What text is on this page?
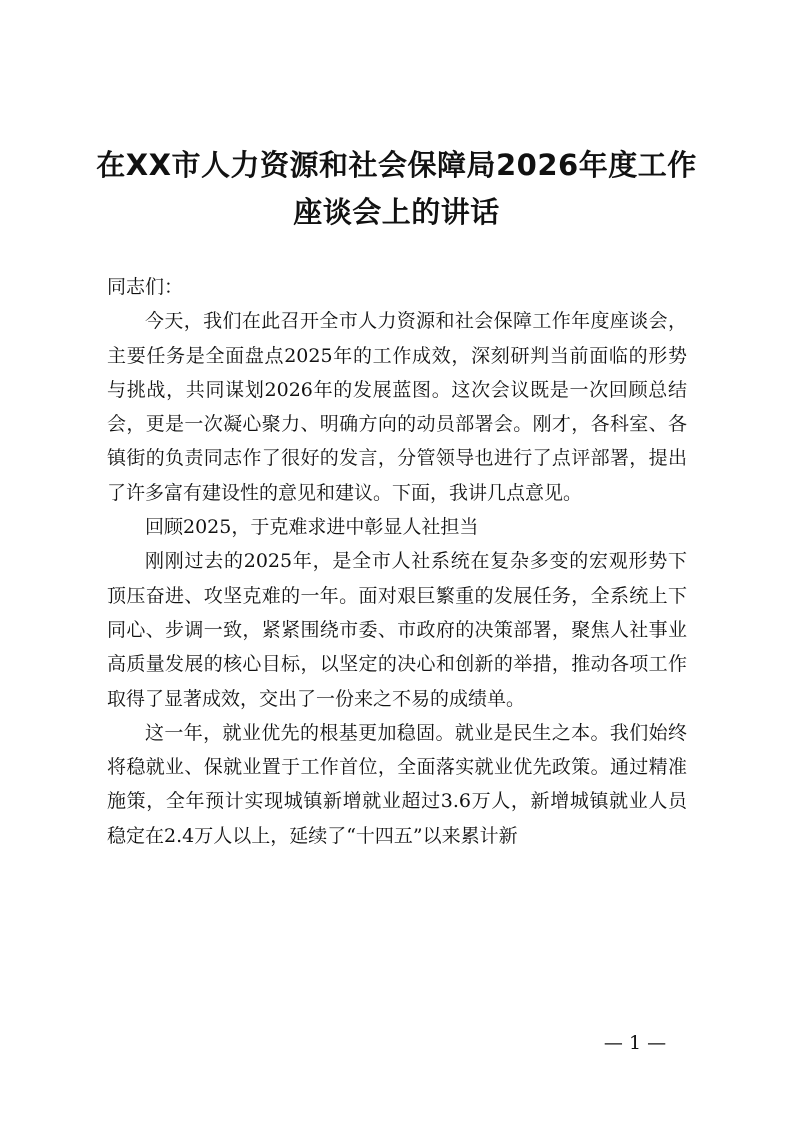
在XX市人力资源和社会保障局2026年度工作
座谈会上的讲话

同志们：

今天，我们在此召开全市人力资源和社会保障工作年度座谈会，主要任务是全面盘点2025年的工作成效，深刻研判当前面临的形势与挑战，共同谋划2026年的发展蓝图。这次会议既是一次回顾总结会，更是一次凝心聚力、明确方向的动员部署会。刚才，各科室、各镇街的负责同志作了很好的发言，分管领导也进行了点评部署，提出了许多富有建设性的意见和建议。下面，我讲几点意见。

回顾2025，于克难求进中彰显人社担当

刚刚过去的2025年，是全市人社系统在复杂多变的宏观形势下顶压奋进、攻坚克难的一年。面对艰巨繁重的发展任务，全系统上下同心、步调一致，紧紧围绕市委、市政府的决策部署，聚焦人社事业高质量发展的核心目标，以坚定的决心和创新的举措，推动各项工作取得了显著成效，交出了一份来之不易的成绩单。

这一年，就业优先的根基更加稳固。就业是民生之本。我们始终将稳就业、保就业置于工作首位，全面落实就业优先政策。通过精准施策，全年预计实现城镇新增就业超过3.6万人，新增城镇就业人员稳定在2.4万人以上，延续了“十四五”以来累计新

— 1 —
